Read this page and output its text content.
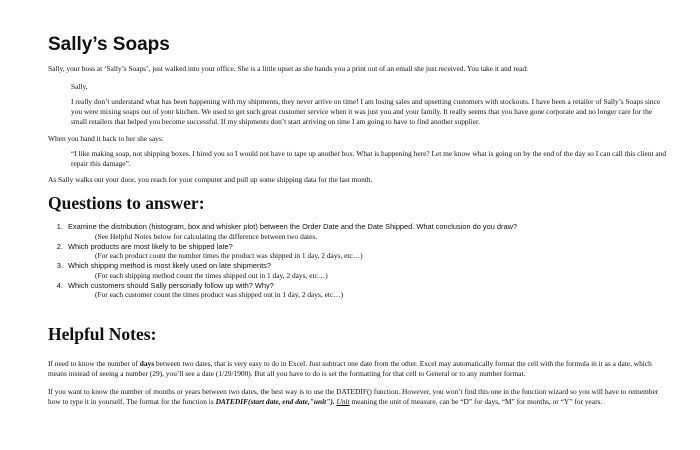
Sally’s Soaps

Sally, your boss at ‘Sally’s Soaps’, just walked into your office. She is a little upset as she hands you a print out of an email she just received. You take it and read:

Sally,

I really don’t understand what has been happening with my shipments, they never arrive on time! I am losing sales and upsetting customers with stockouts. I have been a retailer of Sally’s Soaps since you were mixing soaps out of your kitchen. We used to get such great customer service when it was just you and your family. It really seems that you have gone corporate and no longer care for the small retailers that helped you become successful. If my shipments don’t start arriving on time I am going to have to find another supplier.

When you hand it back to her she says:

“I like making soap, not shipping boxes. I hired you so I would not have to tape up another box. What is happening here? Let me know what is going on by the end of the day so I can call this client and repair this damage”.

As Sally walks out your door, you reach for your computer and pull up some shipping data for the last month.

Questions to answer:
1. Examine the distribution (histogram, box and whisker plot) between the Order Date and the Date Shipped. What conclusion do you draw?
(See Helpful Notes below for calculating the difference between two dates.
2. Which products are most likely to be shipped late?
(For each product count the number times the product was shipped in 1 day, 2 days, etc…)
3. Which shipping method is most likely used on late shipments?
(For each shipping method count the times shipped out in 1 day, 2 days, etc…)
4. Which customers should Sally personally follow up with? Why?
(For each customer count the times product was shipped out in 1 day, 2 days, etc…)
Helpful Notes:

If need to know the number of days between two dates, that is very easy to do in Excel. Just subtract one date from the other. Excel may automatically format the cell with the formula in it as a date, which means instead of seeing a number (29), you’ll see a date (1/29/1900). But all you have to do is set the formatting for that cell to General or to any number format.

If you want to know the number of months or years between two dates, the best way is to use the DATEDIF() function. However, you won’t find this one in the function wizard so you will have to remember how to type it in yourself. The format for the function is DATEDIF(start date, end date,"unit"). Unit meaning the unit of measure, can be “D” for days, “M” for months, or “Y” for years.
